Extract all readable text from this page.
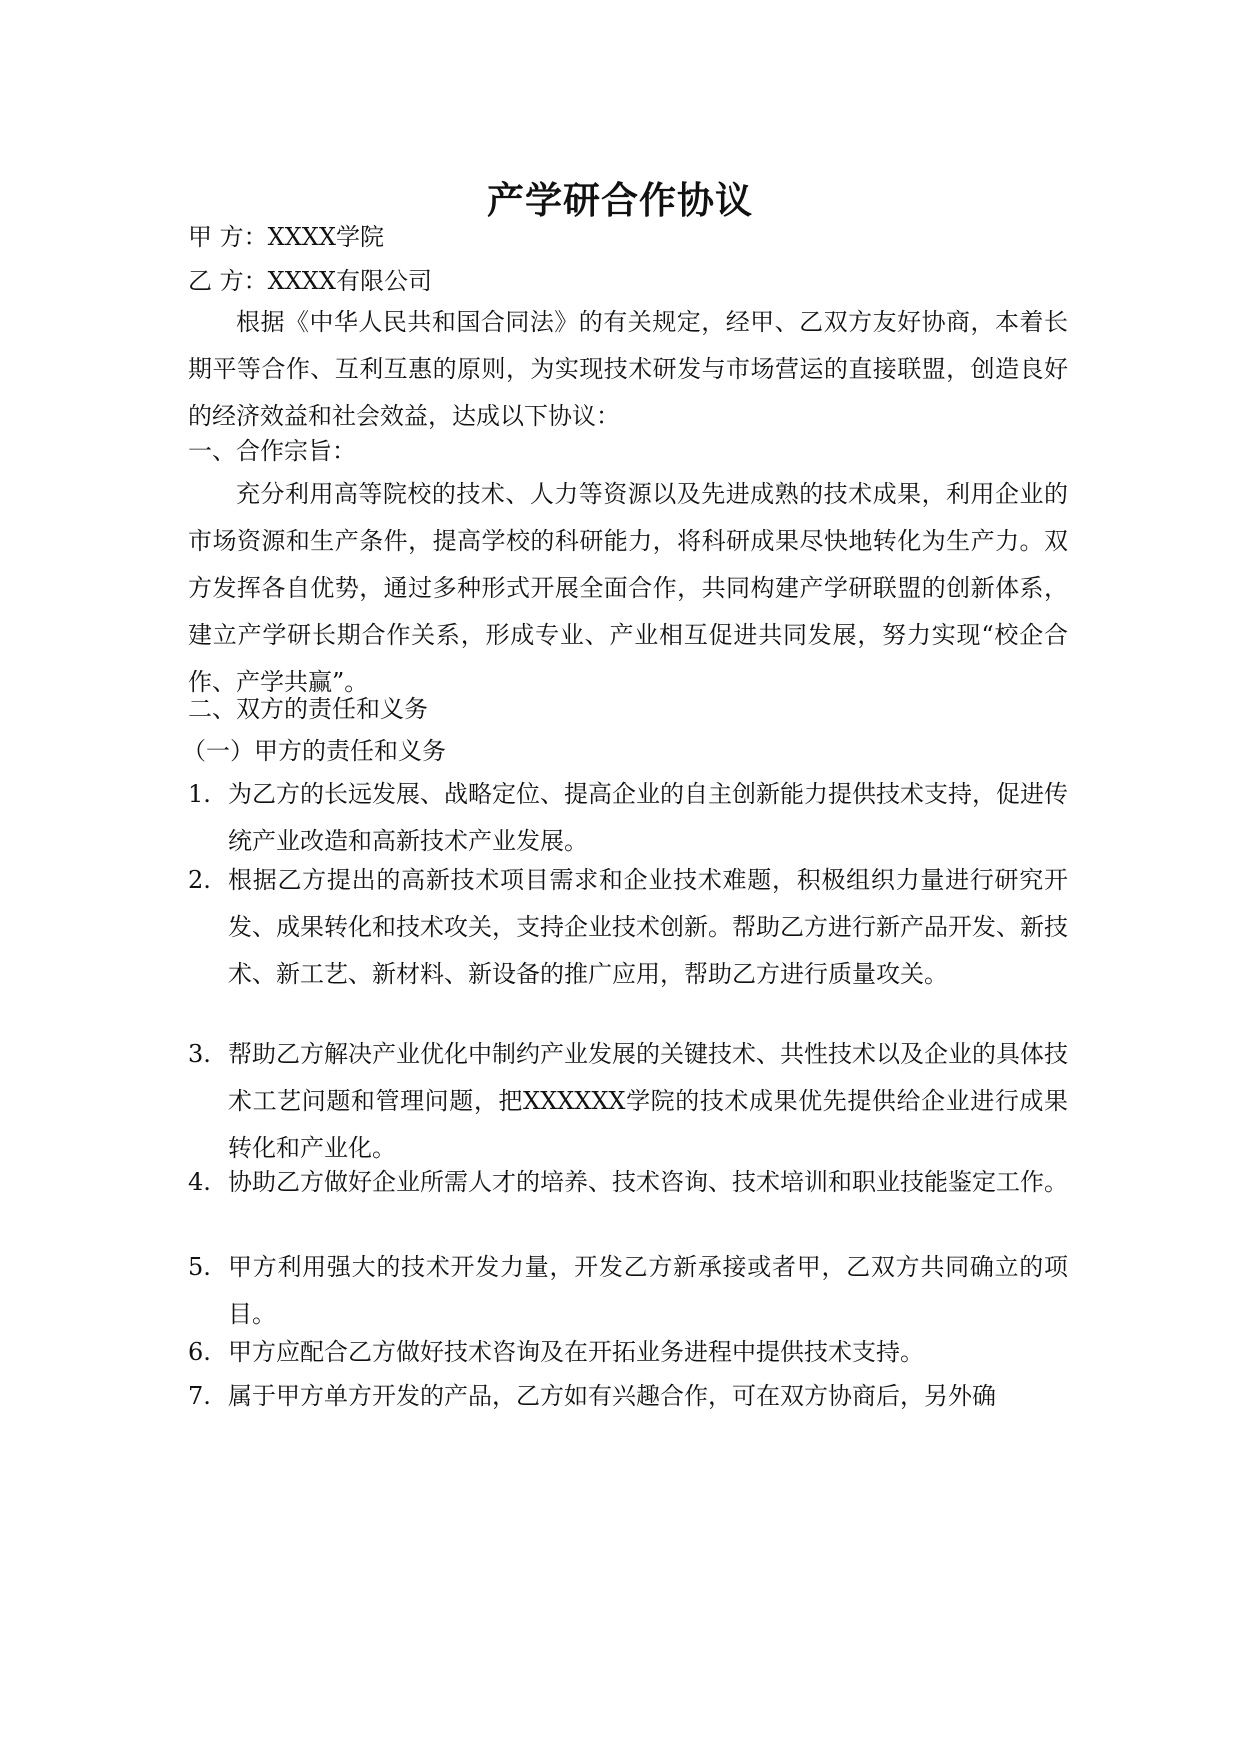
产学研合作协议
甲 方：XXXX学院
乙 方：XXXX有限公司
根据《中华人民共和国合同法》的有关规定，经甲、乙双方友好协商，本着长期平等合作、互利互惠的原则，为实现技术研发与市场营运的直接联盟，创造良好的经济效益和社会效益，达成以下协议：
一、合作宗旨：
充分利用高等院校的技术、人力等资源以及先进成熟的技术成果，利用企业的市场资源和生产条件，提高学校的科研能力，将科研成果尽快地转化为生产力。双方发挥各自优势，通过多种形式开展全面合作，共同构建产学研联盟的创新体系，建立产学研长期合作关系，形成专业、产业相互促进共同发展，努力实现“校企合作、产学共赢”。
二、双方的责任和义务
（一）甲方的责任和义务
1. 为乙方的长远发展、战略定位、提高企业的自主创新能力提供技术支持，促进传统产业改造和高新技术产业发展。
2. 根据乙方提出的高新技术项目需求和企业技术难题，积极组织力量进行研究开发、成果转化和技术攻关，支持企业技术创新。帮助乙方进行新产品开发、新技术、新工艺、新材料、新设备的推广应用，帮助乙方进行质量攻关。
3. 帮助乙方解决产业优化中制约产业发展的关键技术、共性技术以及企业的具体技术工艺问题和管理问题，把XXXXXX学院的技术成果优先提供给企业进行成果转化和产业化。
4. 协助乙方做好企业所需人才的培养、技术咨询、技术培训和职业技能鉴定工作。
5. 甲方利用强大的技术开发力量，开发乙方新承接或者甲，乙双方共同确立的项目。
6. 甲方应配合乙方做好技术咨询及在开拓业务进程中提供技术支持。
7. 属于甲方单方开发的产品，乙方如有兴趣合作，可在双方协商后，另外确
